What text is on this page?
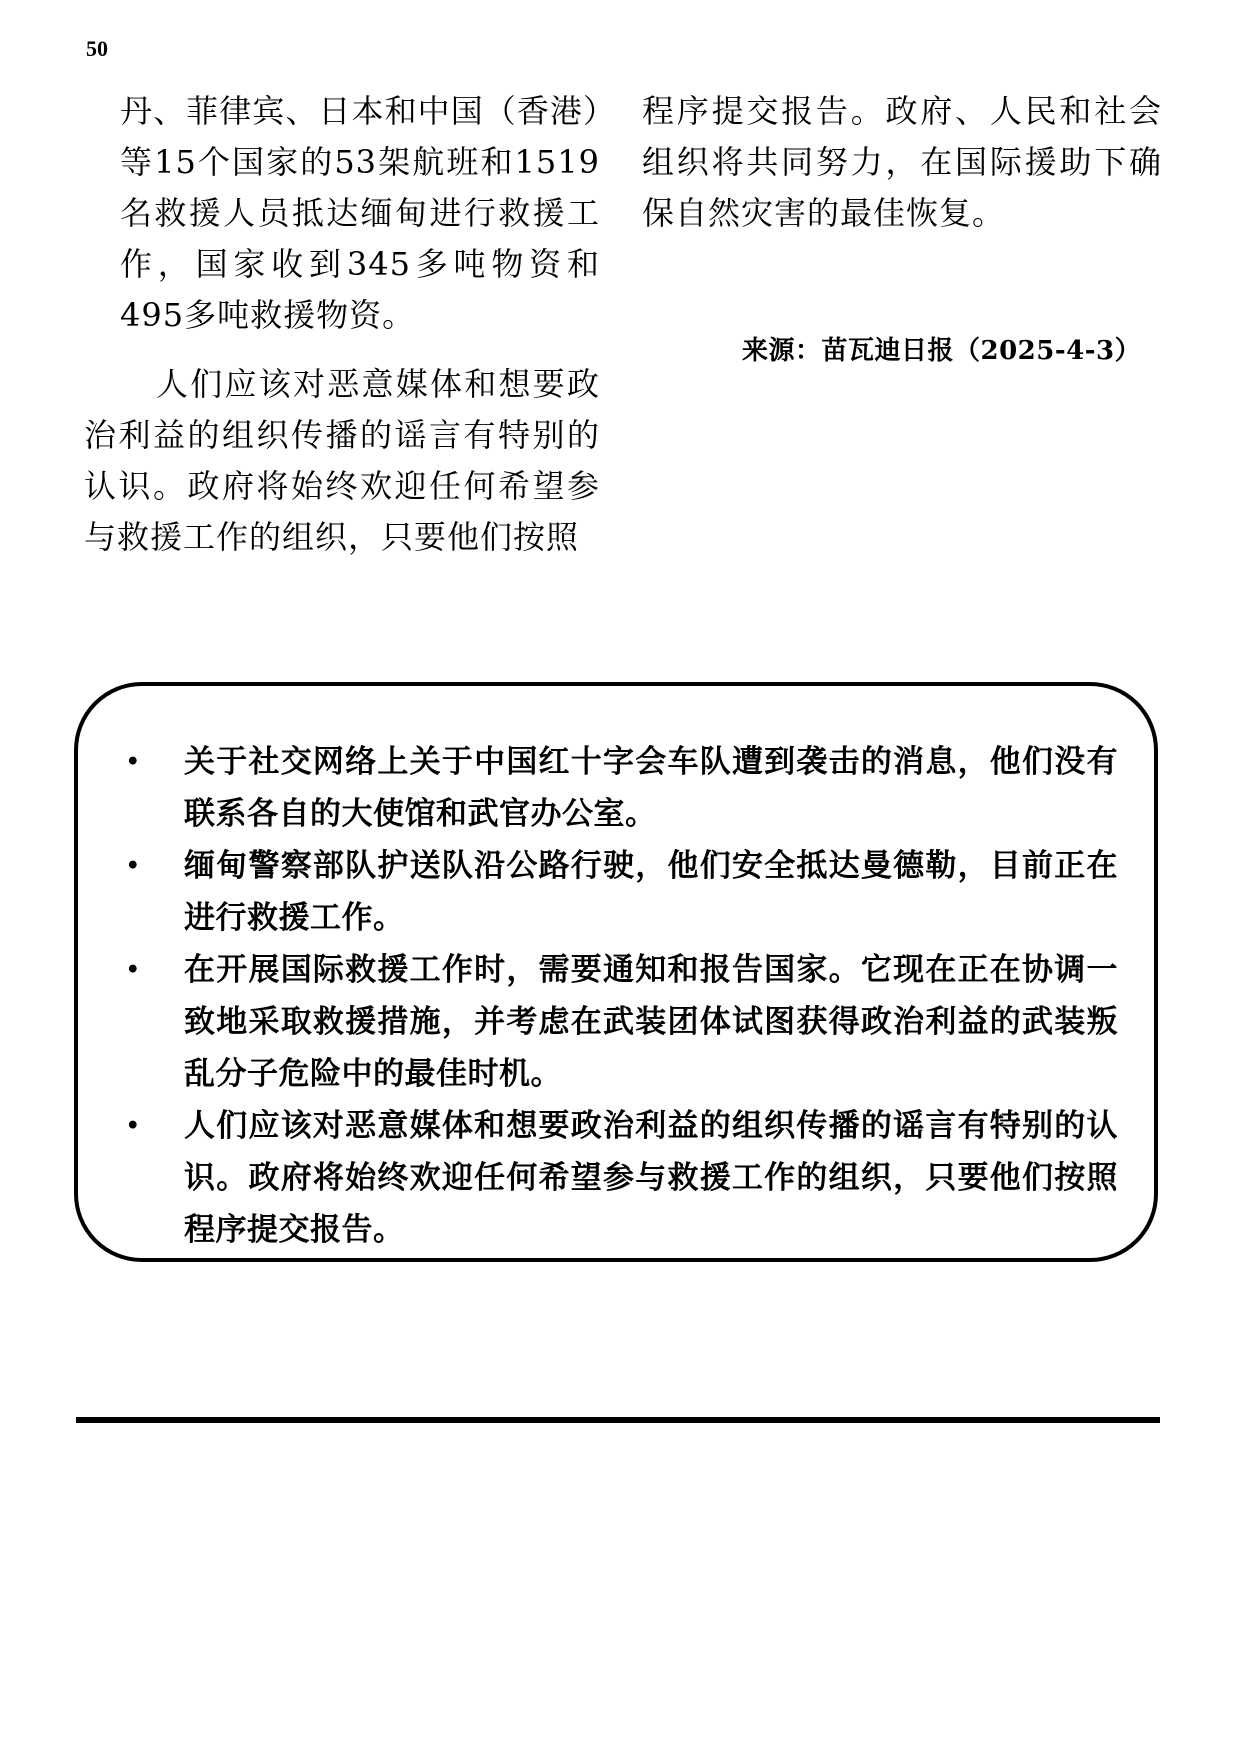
50

丹、菲律宾、日本和中国（香港）等15个国家的53架航班和1519名救援人员抵达缅甸进行救援工作，国家收到345多吨物资和495多吨救援物资。

人们应该对恶意媒体和想要政治利益的组织传播的谣言有特别的认识。政府将始终欢迎任何希望参与救援工作的组织，只要他们按照

程序提交报告。政府、人民和社会组织将共同努力，在国际援助下确保自然灾害的最佳恢复。

来源：苗瓦迪日报（2025-4-3）
• 关于社交网络上关于中国红十字会车队遭到袭击的消息，他们没有联系各自的大使馆和武官办公室。
• 缅甸警察部队护送队沿公路行驶，他们安全抵达曼德勒，目前正在进行救援工作。
• 在开展国际救援工作时，需要通知和报告国家。它现在正在协调一致地采取救援措施，并考虑在武装团体试图获得政治利益的武装叛乱分子危险中的最佳时机。
• 人们应该对恶意媒体和想要政治利益的组织传播的谣言有特别的认识。政府将始终欢迎任何希望参与救援工作的组织，只要他们按照程序提交报告。
